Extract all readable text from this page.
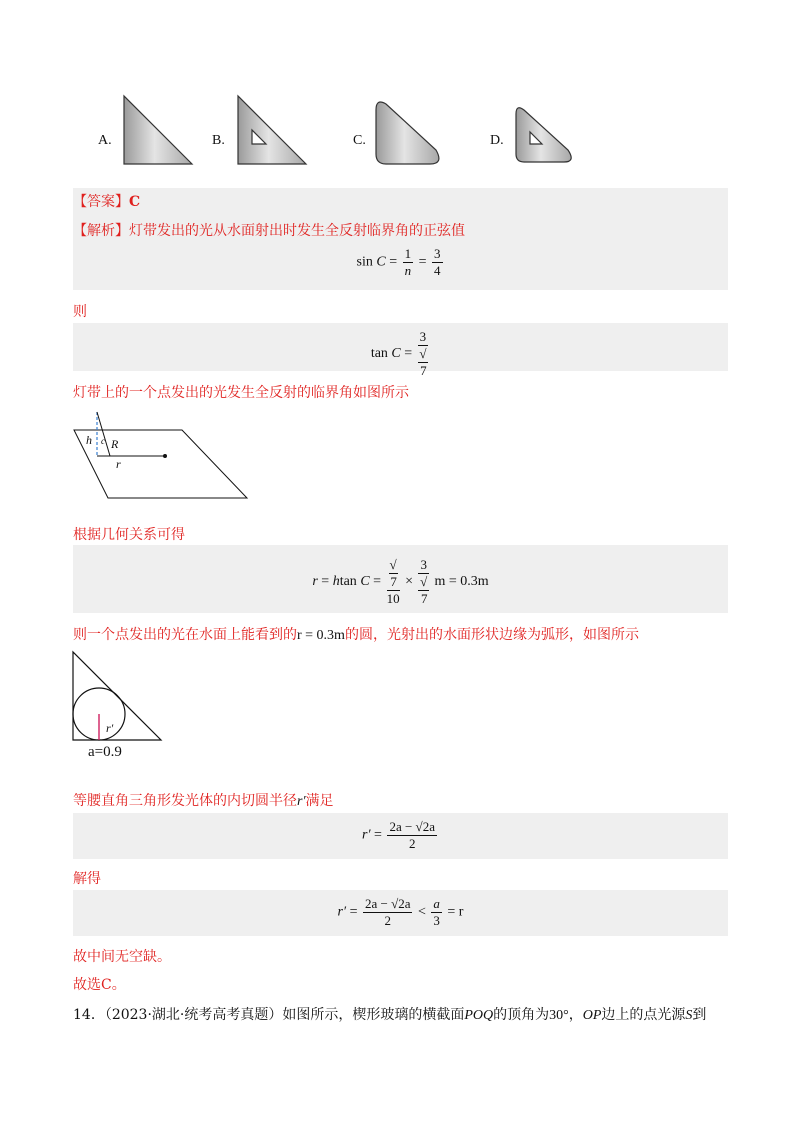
A.	B.	C.	D.
【答案】C
【解析】灯带发出的光从水面射出时发生全反射临界角的正弦值
$\sin C = \frac{1}{n} = \frac{3}{4}$
则
tan C = 3
√
7
灯带上的一个点发出的光发生全反射的临界角如图所示
h c R
r
根据几何关系可得
r = htan C = √
7
10 × 3
√
7 m = 0.3m
则一个点发出的光在水面上能看到的r = 0.3m的圆，光射出的水面形状边缘为弧形，如图所示
r′
a=0.9
等腰直角三角形发光体的内切圆半径r′满足
$r' = \frac{2a - √2a}{2}$
解得
$r' = \frac{2a - √2a}{2} < \frac{a}{3} = r$
故中间无空缺。
故选C。
14．（2023·湖北·统考高考真题）如图所示，楔形玻璃的横截面POQ的顶角为30°，OP边上的点光源S到
